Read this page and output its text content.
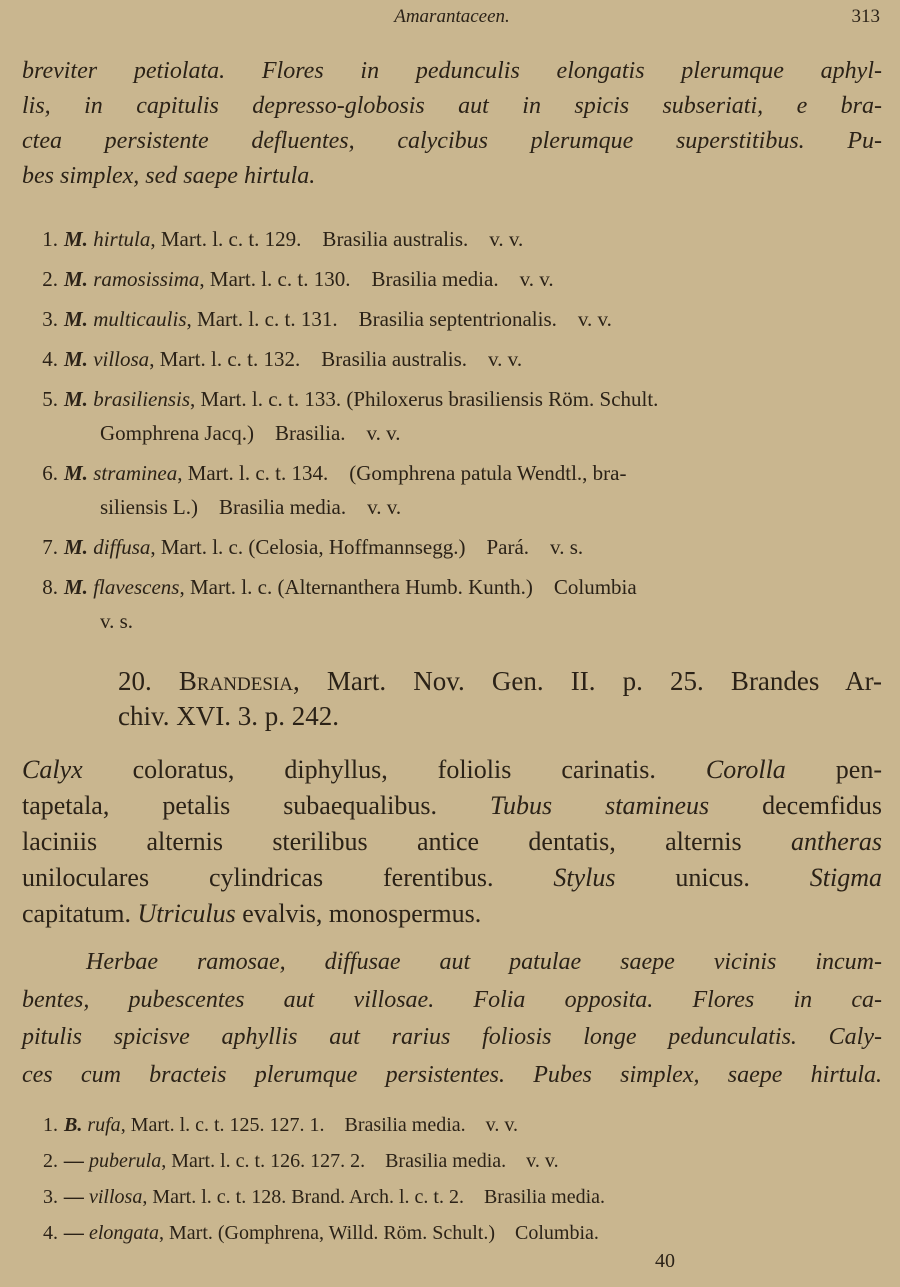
Amarantaceen.	313
breviter petiolata. Flores in pedunculis elongatis plerumque aphyl-
lis, in capitulis depresso-globosis aut in spicis subseriati, e bra-
ctea persistente defluentes, calycibus plerumque superstitibus. Pu-
bes simplex, sed saepe hirtula.
1. M. hirtula, Mart. l. c. t. 129. Brasilia australis. v. v.
2. M. ramosissima, Mart. l. c. t. 130. Brasilia media. v. v.
3. M. multicaulis, Mart. l. c. t. 131. Brasilia septentrionalis. v. v.
4. M. villosa, Mart. l. c. t. 132. Brasilia australis. v. v.
5. M. brasiliensis, Mart. l. c. t. 133. (Philoxerus brasiliensis Röm. Schult.
Gomphrena Jacq.) Brasilia. v. v.
6. M. straminea, Mart. l. c. t. 134. (Gomphrena patula Wendtl., bra-
siliensis L.) Brasilia media. v. v.
7. M. diffusa, Mart. l. c. (Celosia, Hoffmannsegg.) Pará. v. s.
8. M. flavescens, Mart. l. c. (Alternanthera Humb. Kunth.) Columbia
v. s.
20. Brandesia, Mart. Nov. Gen. II. p. 25. Brandes Ar-
chiv. XVI. 3. p. 242.
Calyx coloratus, diphyllus, foliolis carinatis. Corolla pen-
tapetala, petalis subaequalibus. Tubus stamineus decemfidus
laciniis alternis sterilibus antice dentatis, alternis antheras
uniloculares cylindricas ferentibus. Stylus unicus. Stigma
capitatum. Utriculus evalvis, monospermus.
Herbae ramosae, diffusae aut patulae saepe vicinis incum-
bentes, pubescentes aut villosae. Folia opposita. Flores in ca-
pitulis spicisve aphyllis aut rarius foliosis longe pedunculatis. Caly-
ces cum bracteis plerumque persistentes. Pubes simplex, saepe hirtula.
1. B. rufa, Mart. l. c. t. 125. 127. 1. Brasilia media. v. v.
2. — puberula, Mart. l. c. t. 126. 127. 2. Brasilia media. v. v.
3. — villosa, Mart. l. c. t. 128. Brand. Arch. l. c. t. 2. Brasilia media.
4. — elongata, Mart. (Gomphrena, Willd. Röm. Schult.) Columbia.
40
